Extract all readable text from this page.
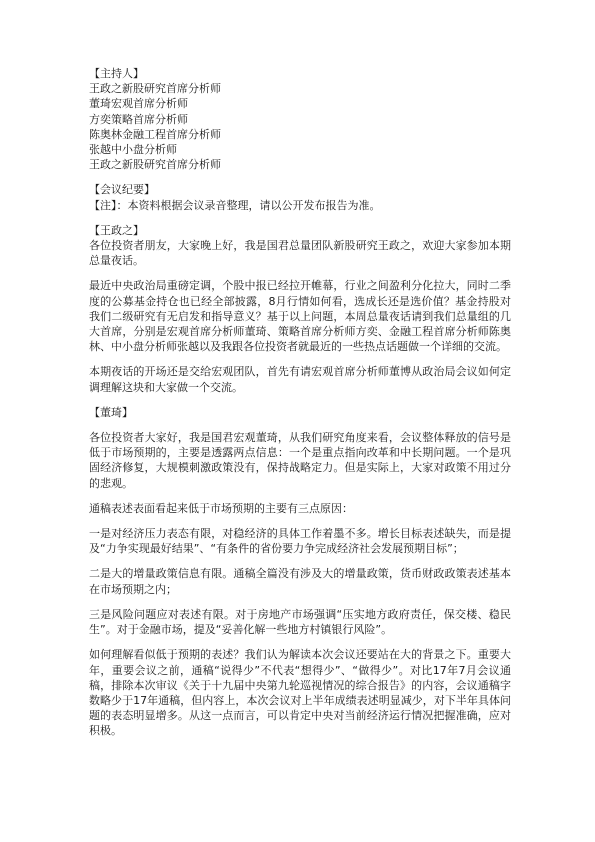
【主持人】
王政之新股研究首席分析师
董琦宏观首席分析师
方奕策略首席分析师
陈奥林金融工程首席分析师
张越中小盘分析师
王政之新股研究首席分析师
【会议纪要】
【注】：本资料根据会议录音整理，请以公开发布报告为准。
【王政之】

各位投资者朋友，大家晚上好，我是国君总量团队新股研究王政之，欢迎大家参加本期总量夜话。

最近中央政治局重磅定调，个股中报已经拉开帷幕，行业之间盈利分化拉大，同时二季度的公募基金持仓也已经全部披露，8月行情如何看，选成长还是选价值？基金持股对我们二级研究有无启发和指导意义？基于以上问题，本周总量夜话请到我们总量组的几大首席，分别是宏观首席分析师董琦、策略首席分析师方奕、金融工程首席分析师陈奥林、中小盘分析师张越以及我跟各位投资者就最近的一些热点话题做一个详细的交流。

本期夜话的开场还是交给宏观团队，首先有请宏观首席分析师董博从政治局会议如何定调理解这块和大家做一个交流。

【董琦】

各位投资者大家好，我是国君宏观董琦，从我们研究角度来看，会议整体释放的信号是低于市场预期的，主要是透露两点信息：一个是重点指向改革和中长期问题。一个是巩固经济修复，大规模刺激政策没有，保持战略定力。但是实际上，大家对政策不用过分的悲观。

通稿表述表面看起来低于市场预期的主要有三点原因：

一是对经济压力表态有限，对稳经济的具体工作着墨不多。增长目标表述缺失，而是提及“力争实现最好结果”、“有条件的省份要力争完成经济社会发展预期目标”；

二是大的增量政策信息有限。通稿全篇没有涉及大的增量政策，货币财政政策表述基本在市场预期之内；

三是风险问题应对表述有限。对于房地产市场强调“压实地方政府责任，保交楼、稳民生”。对于金融市场，提及“妥善化解一些地方村镇银行风险”。

如何理解看似低于预期的表述？我们认为解读本次会议还要站在大的背景之下。重要大年，重要会议之前，通稿“说得少”不代表“想得少”、“做得少”。对比17年7月会议通稿，排除本次审议《关于十九届中央第九轮巡视情况的综合报告》的内容，会议通稿字数略少于17年通稿，但内容上，本次会议对上半年成绩表述明显减少，对下半年具体问题的表态明显增多。从这一点而言，可以肯定中央对当前经济运行情况把握准确，应对积极。
